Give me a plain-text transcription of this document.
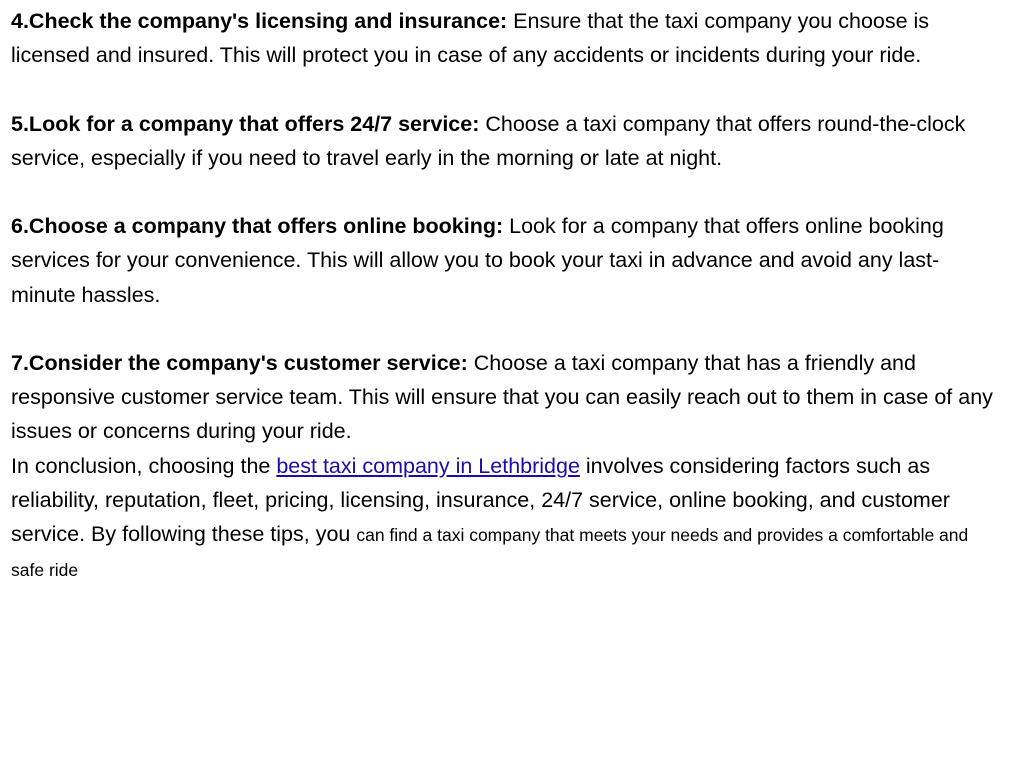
4.Check the company's licensing and insurance: Ensure that the taxi company you choose is licensed and insured. This will protect you in case of any accidents or incidents during your ride.

5.Look for a company that offers 24/7 service: Choose a taxi company that offers round-the-clock service, especially if you need to travel early in the morning or late at night.

6.Choose a company that offers online booking: Look for a company that offers online booking services for your convenience. This will allow you to book your taxi in advance and avoid any last-minute hassles.

7.Consider the company's customer service: Choose a taxi company that has a friendly and responsive customer service team. This will ensure that you can easily reach out to them in case of any issues or concerns during your ride.

In conclusion, choosing the best taxi company in Lethbridge involves considering factors such as reliability, reputation, fleet, pricing, licensing, insurance, 24/7 service, online booking, and customer service. By following these tips, you can find a taxi company that meets your needs and provides a comfortable and safe ride
